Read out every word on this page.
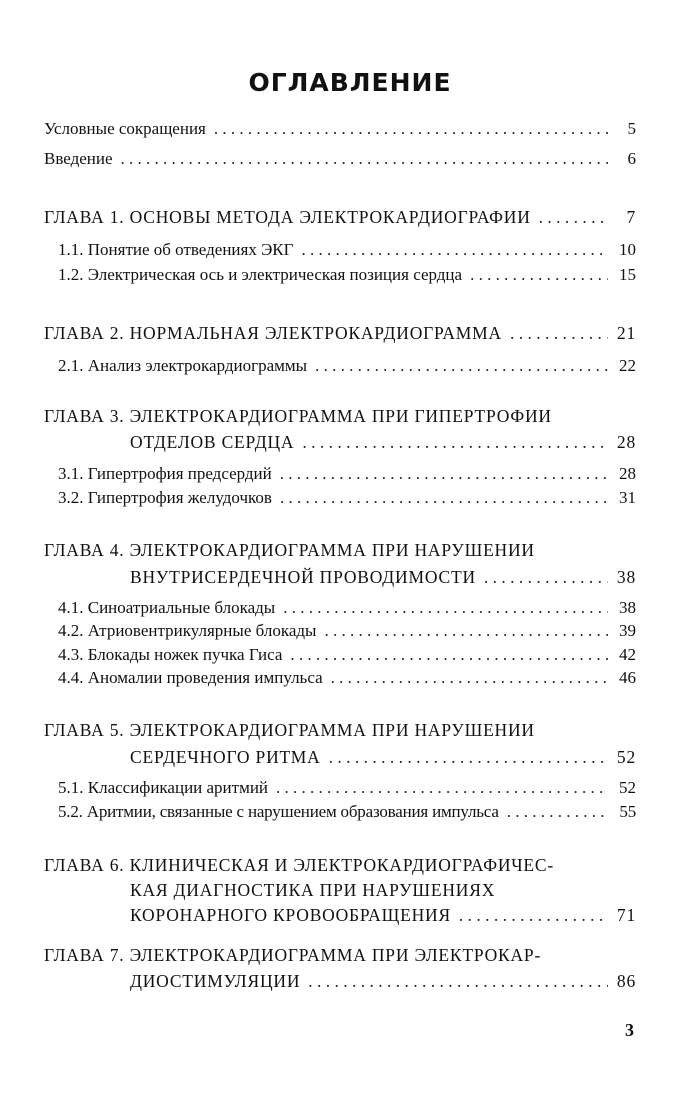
ОГЛАВЛЕНИЕ
Условные сокращения . . .	5
Введение . . .	6
ГЛАВА 1. ОСНОВЫ МЕТОДА ЭЛЕКТРОКАРДИОГРАФИИ . . .	7
1.1. Понятие об отведениях ЭКГ . . .	10
1.2. Электрическая ось и электрическая позиция сердца . . .	15
ГЛАВА 2. НОРМАЛЬНАЯ ЭЛЕКТРОКАРДИОГРАММА . . .	21
2.1. Анализ электрокардиограммы . . .	22
ГЛАВА 3. ЭЛЕКТРОКАРДИОГРАММА ПРИ ГИПЕРТРОФИИ
ОТДЕЛОВ СЕРДЦА . . .	28
3.1. Гипертрофия предсердий . . .	28
3.2. Гипертрофия желудочков . . .	31
ГЛАВА 4. ЭЛЕКТРОКАРДИОГРАММА ПРИ НАРУШЕНИИ
ВНУТРИСЕРДЕЧНОЙ ПРОВОДИМОСТИ . . .	38
4.1. Синоатриальные блокады . . .	38
4.2. Атриовентрикулярные блокады . . .	39
4.3. Блокады ножек пучка Гиса . . .	42
4.4. Аномалии проведения импульса . . .	46
ГЛАВА 5. ЭЛЕКТРОКАРДИОГРАММА ПРИ НАРУШЕНИИ
СЕРДЕЧНОГО РИТМА . . .	52
5.1. Классификации аритмий . . .	52
5.2. Аритмии, связанные с нарушением образования импульса . . .	55
ГЛАВА 6. КЛИНИЧЕСКАЯ И ЭЛЕКТРОКАРДИОГРАФИЧЕС-
КАЯ ДИАГНОСТИКА ПРИ НАРУШЕНИЯХ
КОРОНАРНОГО КРОВООБРАЩЕНИЯ . . .	71
ГЛАВА 7. ЭЛЕКТРОКАРДИОГРАММА ПРИ ЭЛЕКТРОКАР-
ДИОСТИМУЛЯЦИИ . . .	86
3
